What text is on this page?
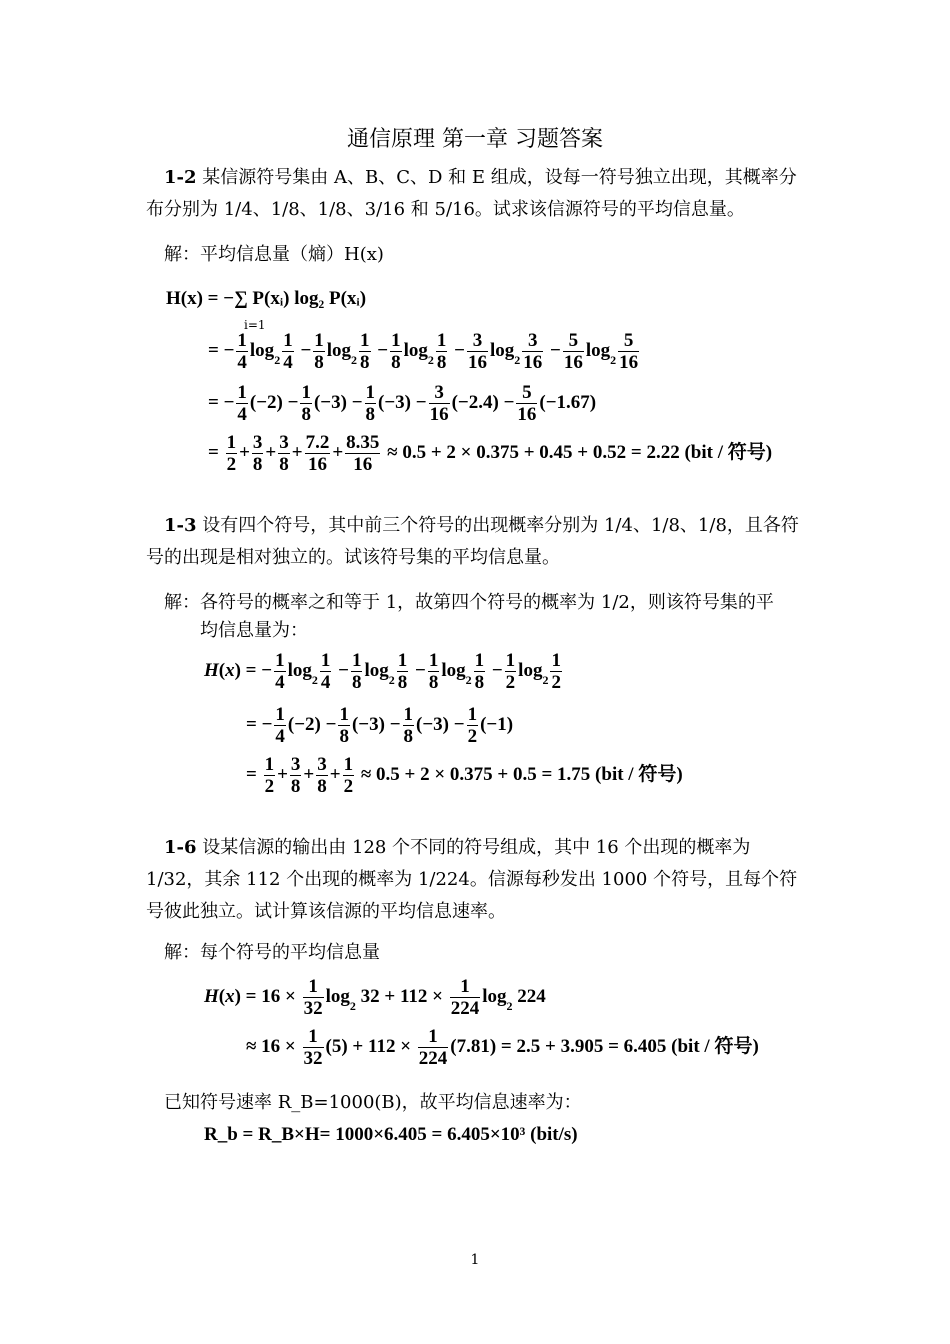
通信原理 第一章 习题答案
1-2 某信源符号集由 A、B、C、D 和 E 组成，设每一符号独立出现，其概率分布分别为 1/4、1/8、1/8、3/16 和 5/16。试求该信源符号的平均信息量。
解：平均信息量（熵）H(x)
H(x) = −∑ P(xᵢ) log₂ P(xᵢ)
i=1
= − $\frac{1}{4} \log_2 \frac{1}{4} - \frac{1}{8} \log_2 \frac{1}{8} - \frac{1}{8} \log_2 \frac{1}{8} - \frac{3}{16} \log_2 \frac{3}{16} - \frac{5}{16} \log_2 \frac{5}{16}$
= − $\frac{1}{4} (-2) - \frac{1}{8} (-3) - \frac{1}{8} (-3) - \frac{3}{16} (-2.4) - \frac{5}{16} (-1.67)$
= $\frac{1}{2} + \frac{3}{8} + \frac{3}{8} + \frac{7.2}{16} + \frac{8.35}{16} \approx 0.5 + 2 \times 0.375 + 0.45 + 0.52 = 2.22$ (bit / 符号)
1-3 设有四个符号，其中前三个符号的出现概率分别为 1/4、1/8、1/8，且各符号的出现是相对独立的。试该符号集的平均信息量。
解：各符号的概率之和等于 1，故第四个符号的概率为 1/2，则该符号集的平
均信息量为：
H(x) = − $\frac{1}{4} \log_2 \frac{1}{4} - \frac{1}{8} \log_2 \frac{1}{8} - \frac{1}{8} \log_2 \frac{1}{8} - \frac{1}{2} \log_2 \frac{1}{2}$
= − $\frac{1}{4} (-2) - \frac{1}{8} (-3) - \frac{1}{8} (-3) - \frac{1}{2} (-1)$
= $\frac{1}{2} + \frac{3}{8} + \frac{3}{8} + \frac{1}{2} \approx 0.5 + 2 \times 0.375 + 0.5 = 1.75$ (bit / 符号)
1-6 设某信源的输出由 128 个不同的符号组成，其中 16 个出现的概率为 1/32，其余 112 个出现的概率为 1/224。信源每秒发出 1000 个符号，且每个符号彼此独立。试计算该信源的平均信息速率。
解：每个符号的平均信息量
$H(x) = 16 \times \frac{1}{32} \log_2 32 + 112 \times \frac{1}{224} \log_2 224$
≈ $16 \times \frac{1}{32} (5) + 112 \times \frac{1}{224} (7.81) = 2.5 + 3.905 = 6.405$ (bit / 符号)
已知符号速率 R_B=1000(B)，故平均信息速率为：
R_b = R_B×H= 1000×6.405 = 6.405×10³ (bit/s)
1
